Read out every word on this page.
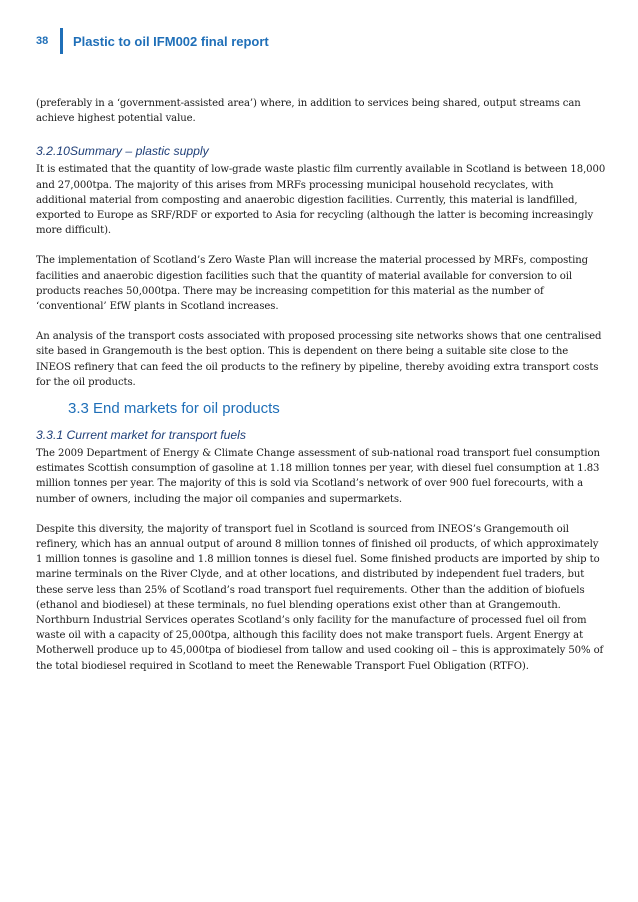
38	Plastic to oil IFM002 final report

(preferably in a ‘government-assisted area’) where, in addition to services being shared, output streams can achieve highest potential value.

3.2.10Summary – plastic supply

It is estimated that the quantity of low-grade waste plastic film currently available in Scotland is between 18,000 and 27,000tpa. The majority of this arises from MRFs processing municipal household recyclates, with additional material from composting and anaerobic digestion facilities. Currently, this material is landfilled, exported to Europe as SRF/RDF or exported to Asia for recycling (although the latter is becoming increasingly more difficult).

The implementation of Scotland’s Zero Waste Plan will increase the material processed by MRFs, composting facilities and anaerobic digestion facilities such that the quantity of material available for conversion to oil products reaches 50,000tpa. There may be increasing competition for this material as the number of ‘conventional’ EfW plants in Scotland increases.

An analysis of the transport costs associated with proposed processing site networks shows that one centralised site based in Grangemouth is the best option. This is dependent on there being a suitable site close to the INEOS refinery that can feed the oil products to the refinery by pipeline, thereby avoiding extra transport costs for the oil products.

3.3 End markets for oil products
3.3.1 Current market for transport fuels

The 2009 Department of Energy & Climate Change assessment of sub-national road transport fuel consumption estimates Scottish consumption of gasoline at 1.18 million tonnes per year, with diesel fuel consumption at 1.83 million tonnes per year. The majority of this is sold via Scotland’s network of over 900 fuel forecourts, with a number of owners, including the major oil companies and supermarkets.

Despite this diversity, the majority of transport fuel in Scotland is sourced from INEOS’s Grangemouth oil refinery, which has an annual output of around 8 million tonnes of finished oil products, of which approximately 1 million tonnes is gasoline and 1.8 million tonnes is diesel fuel. Some finished products are imported by ship to marine terminals on the River Clyde, and at other locations, and distributed by independent fuel traders, but these serve less than 25% of Scotland’s road transport fuel requirements. Other than the addition of biofuels (ethanol and biodiesel) at these terminals, no fuel blending operations exist other than at Grangemouth. Northburn Industrial Services operates Scotland’s only facility for the manufacture of processed fuel oil from waste oil with a capacity of 25,000tpa, although this facility does not make transport fuels. Argent Energy at Motherwell produce up to 45,000tpa of biodiesel from tallow and used cooking oil – this is approximately 50% of the total biodiesel required in Scotland to meet the Renewable Transport Fuel Obligation (RTFO).
